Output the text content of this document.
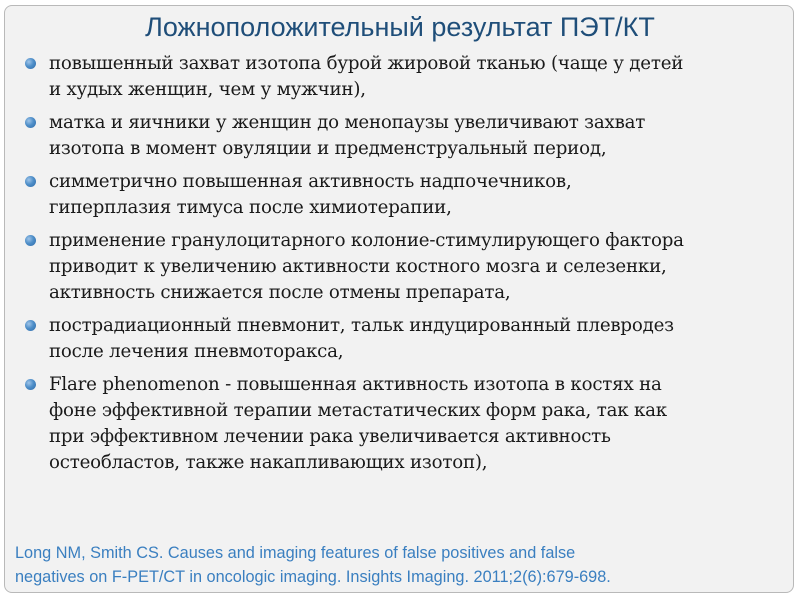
Ложноположительный результат ПЭТ/КТ
повышенный захват изотопа бурой жировой тканью (чаще у детей
и худых женщин, чем у мужчин),
матка и яичники у женщин до менопаузы увеличивают захват
изотопа в момент овуляции и предменструальный период,
симметрично повышенная активность надпочечников,
гиперплазия тимуса после химиотерапии,
применение гранулоцитарного колоние-стимулирующего фактора
приводит к увеличению активности костного мозга и селезенки,
активность снижается после отмены препарата,
пострадиационный пневмонит, тальк индуцированный плевродез
после лечения пневмоторакса,
Flare phenomenon - повышенная активность изотопа в костях на
фоне эффективной терапии метастатических форм рака, так как
при эффективном лечении рака увеличивается активность
остеобластов, также накапливающих изотоп),
Long NM, Smith CS. Causes and imaging features of false positives and false
negatives on F-PET/CT in oncologic imaging. Insights Imaging. 2011;2(6):679-698.
